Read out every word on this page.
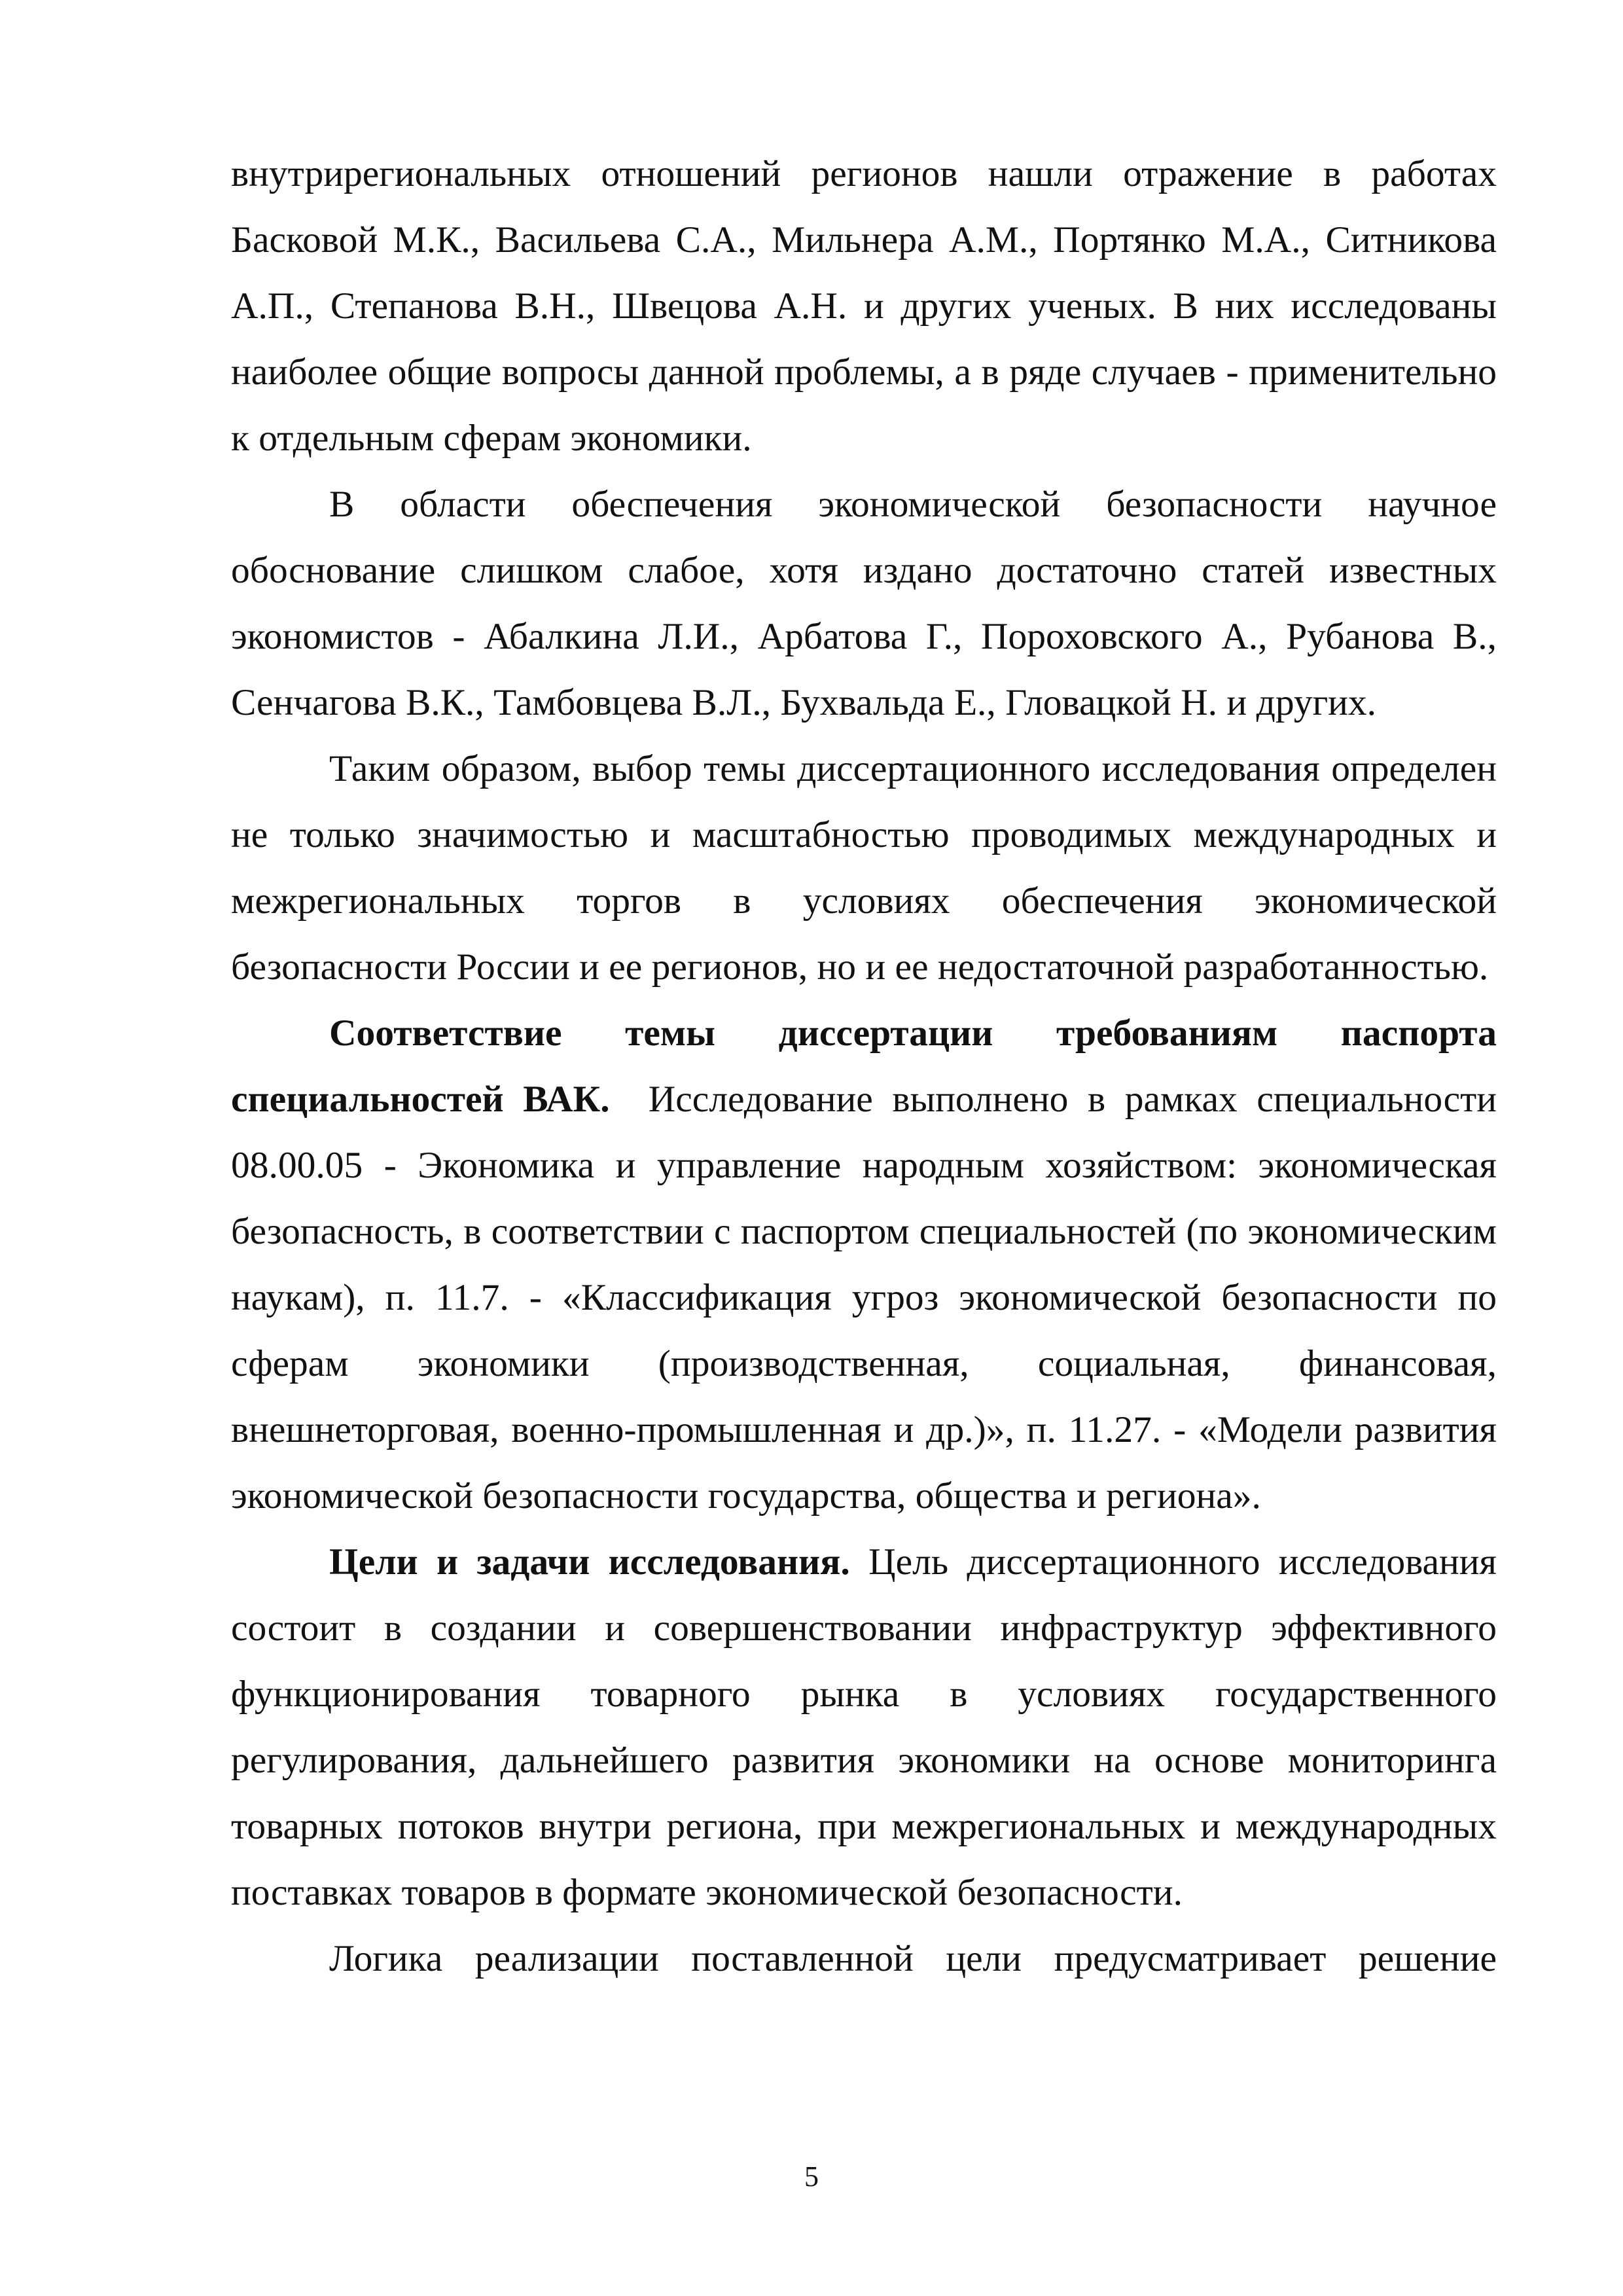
внутрирегиональных отношений регионов нашли отражение в работах Басковой М.К., Васильева С.А., Мильнера А.М., Портянко М.А., Ситникова А.П., Степанова В.Н., Швецова А.Н. и других ученых. В них исследованы наиболее общие вопросы данной проблемы, а в ряде случаев - применительно к отдельным сферам экономики.

В области обеспечения экономической безопасности научное обоснование слишком слабое, хотя издано достаточно статей известных экономистов - Абалкина Л.И., Арбатова Г., Пороховского А., Рубанова В., Сенчагова В.К., Тамбовцева В.Л., Бухвальда Е., Гловацкой Н. и других.

Таким образом, выбор темы диссертационного исследования определен не только значимостью и масштабностью проводимых международных и межрегиональных торгов в условиях обеспечения экономической безопасности России и ее регионов, но и ее недостаточной разработанностью.

Соответствие темы диссертации требованиям паспорта специальностей ВАК. Исследование выполнено в рамках специальности 08.00.05 - Экономика и управление народным хозяйством: экономическая безопасность, в соответствии с паспортом специальностей (по экономическим наукам), п. 11.7. - «Классификация угроз экономической безопасности по сферам экономики (производственная, социальная, финансовая, внешнеторговая, военно-промышленная и др.)», п. 11.27. - «Модели развития экономической безопасности государства, общества и региона».

Цели и задачи исследования. Цель диссертационного исследования состоит в создании и совершенствовании инфраструктур эффективного функционирования товарного рынка в условиях государственного регулирования, дальнейшего развития экономики на основе мониторинга товарных потоков внутри региона, при межрегиональных и международных поставках товаров в формате экономической безопасности.

Логика реализации поставленной цели предусматривает решение

5
